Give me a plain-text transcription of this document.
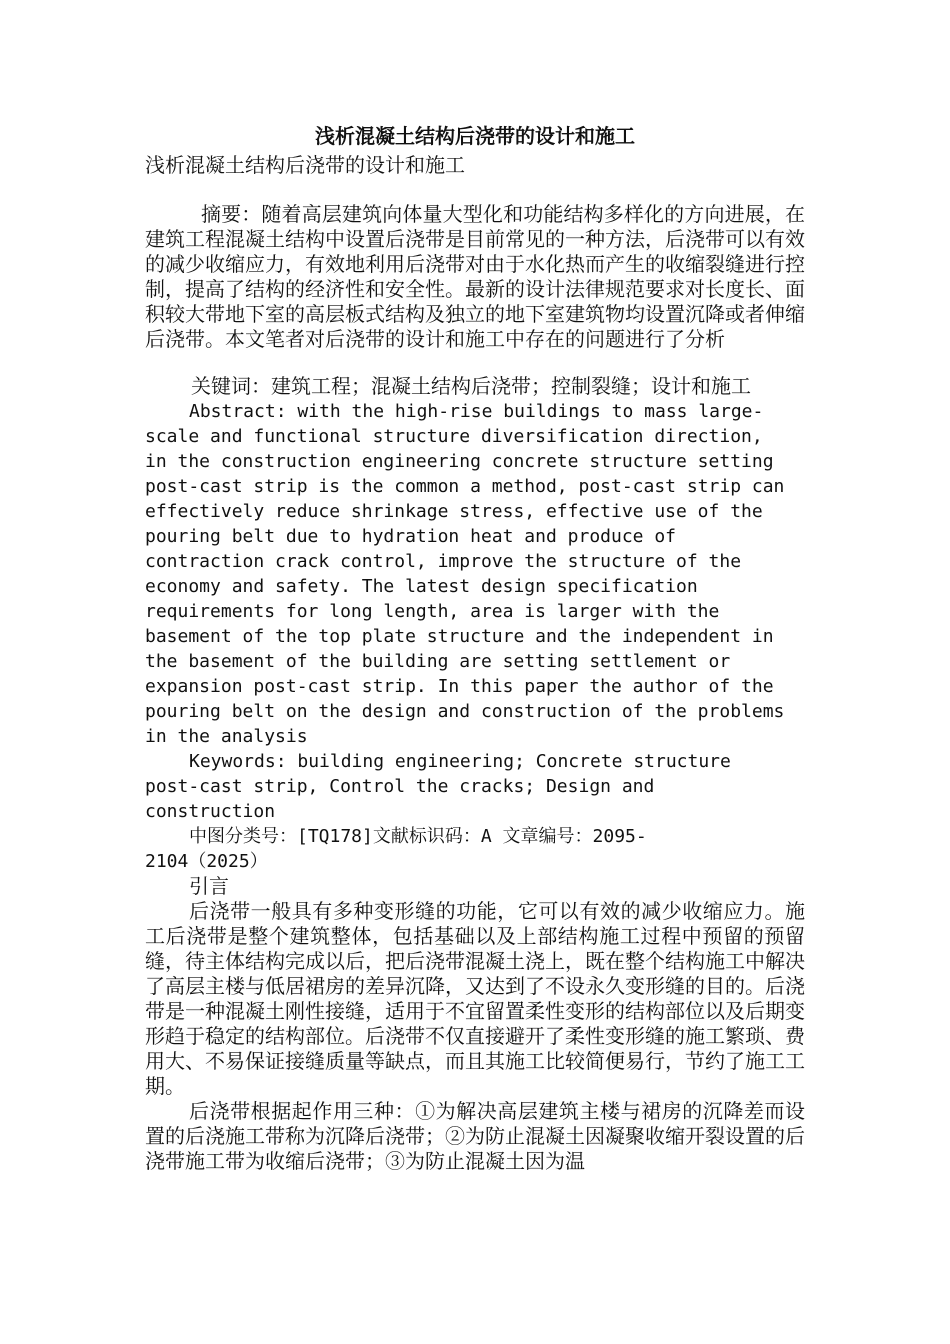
浅析混凝土结构后浇带的设计和施工

浅析混凝土结构后浇带的设计和施工

摘要：随着高层建筑向体量大型化和功能结构多样化的方向进展，在建筑工程混凝土结构中设置后浇带是目前常见的一种方法，后浇带可以有效的减少收缩应力，有效地利用后浇带对由于水化热而产生的收缩裂缝进行控制，提高了结构的经济性和安全性。最新的设计法律规范要求对长度长、面积较大带地下室的高层板式结构及独立的地下室建筑物均设置沉降或者伸缩后浇带。本文笔者对后浇带的设计和施工中存在的问题进行了分析

关键词：建筑工程；混凝土结构后浇带；控制裂缝；设计和施工

Abstract: with the high-rise buildings to mass large-
scale and functional structure diversification direction,
in the construction engineering concrete structure setting
post-cast strip is the common a method, post-cast strip can
effectively reduce shrinkage stress, effective use of the
pouring belt due to hydration heat and produce of
contraction crack control, improve the structure of the
economy and safety. The latest design specification
requirements for long length, area is larger with the
basement of the top plate structure and the independent in
the basement of the building are setting settlement or
expansion post-cast strip. In this paper the author of the
pouring belt on the design and construction of the problems
in the analysis

Keywords: building engineering; Concrete structure
post-cast strip, Control the cracks; Design and
construction

中图分类号：[TQ178]文献标识码：A 文章编号：2095-
2104（2025）

引言

后浇带一般具有多种变形缝的功能，它可以有效的减少收缩应力。施工后浇带是整个建筑整体，包括基础以及上部结构施工过程中预留的预留缝，待主体结构完成以后，把后浇带混凝土浇上，既在整个结构施工中解决了高层主楼与低居裙房的差异沉降，又达到了不设永久变形缝的目的。后浇带是一种混凝土刚性接缝，适用于不宜留置柔性变形的结构部位以及后期变形趋于稳定的结构部位。后浇带不仅直接避开了柔性变形缝的施工繁琐、费用大、不易保证接缝质量等缺点，而且其施工比较简便易行，节约了施工工期。

后浇带根据起作用三种：①为解决高层建筑主楼与裙房的沉降差而设置的后浇施工带称为沉降后浇带；②为防止混凝土因凝聚收缩开裂设置的后浇带施工带为收缩后浇带；③为防止混凝土因为温
